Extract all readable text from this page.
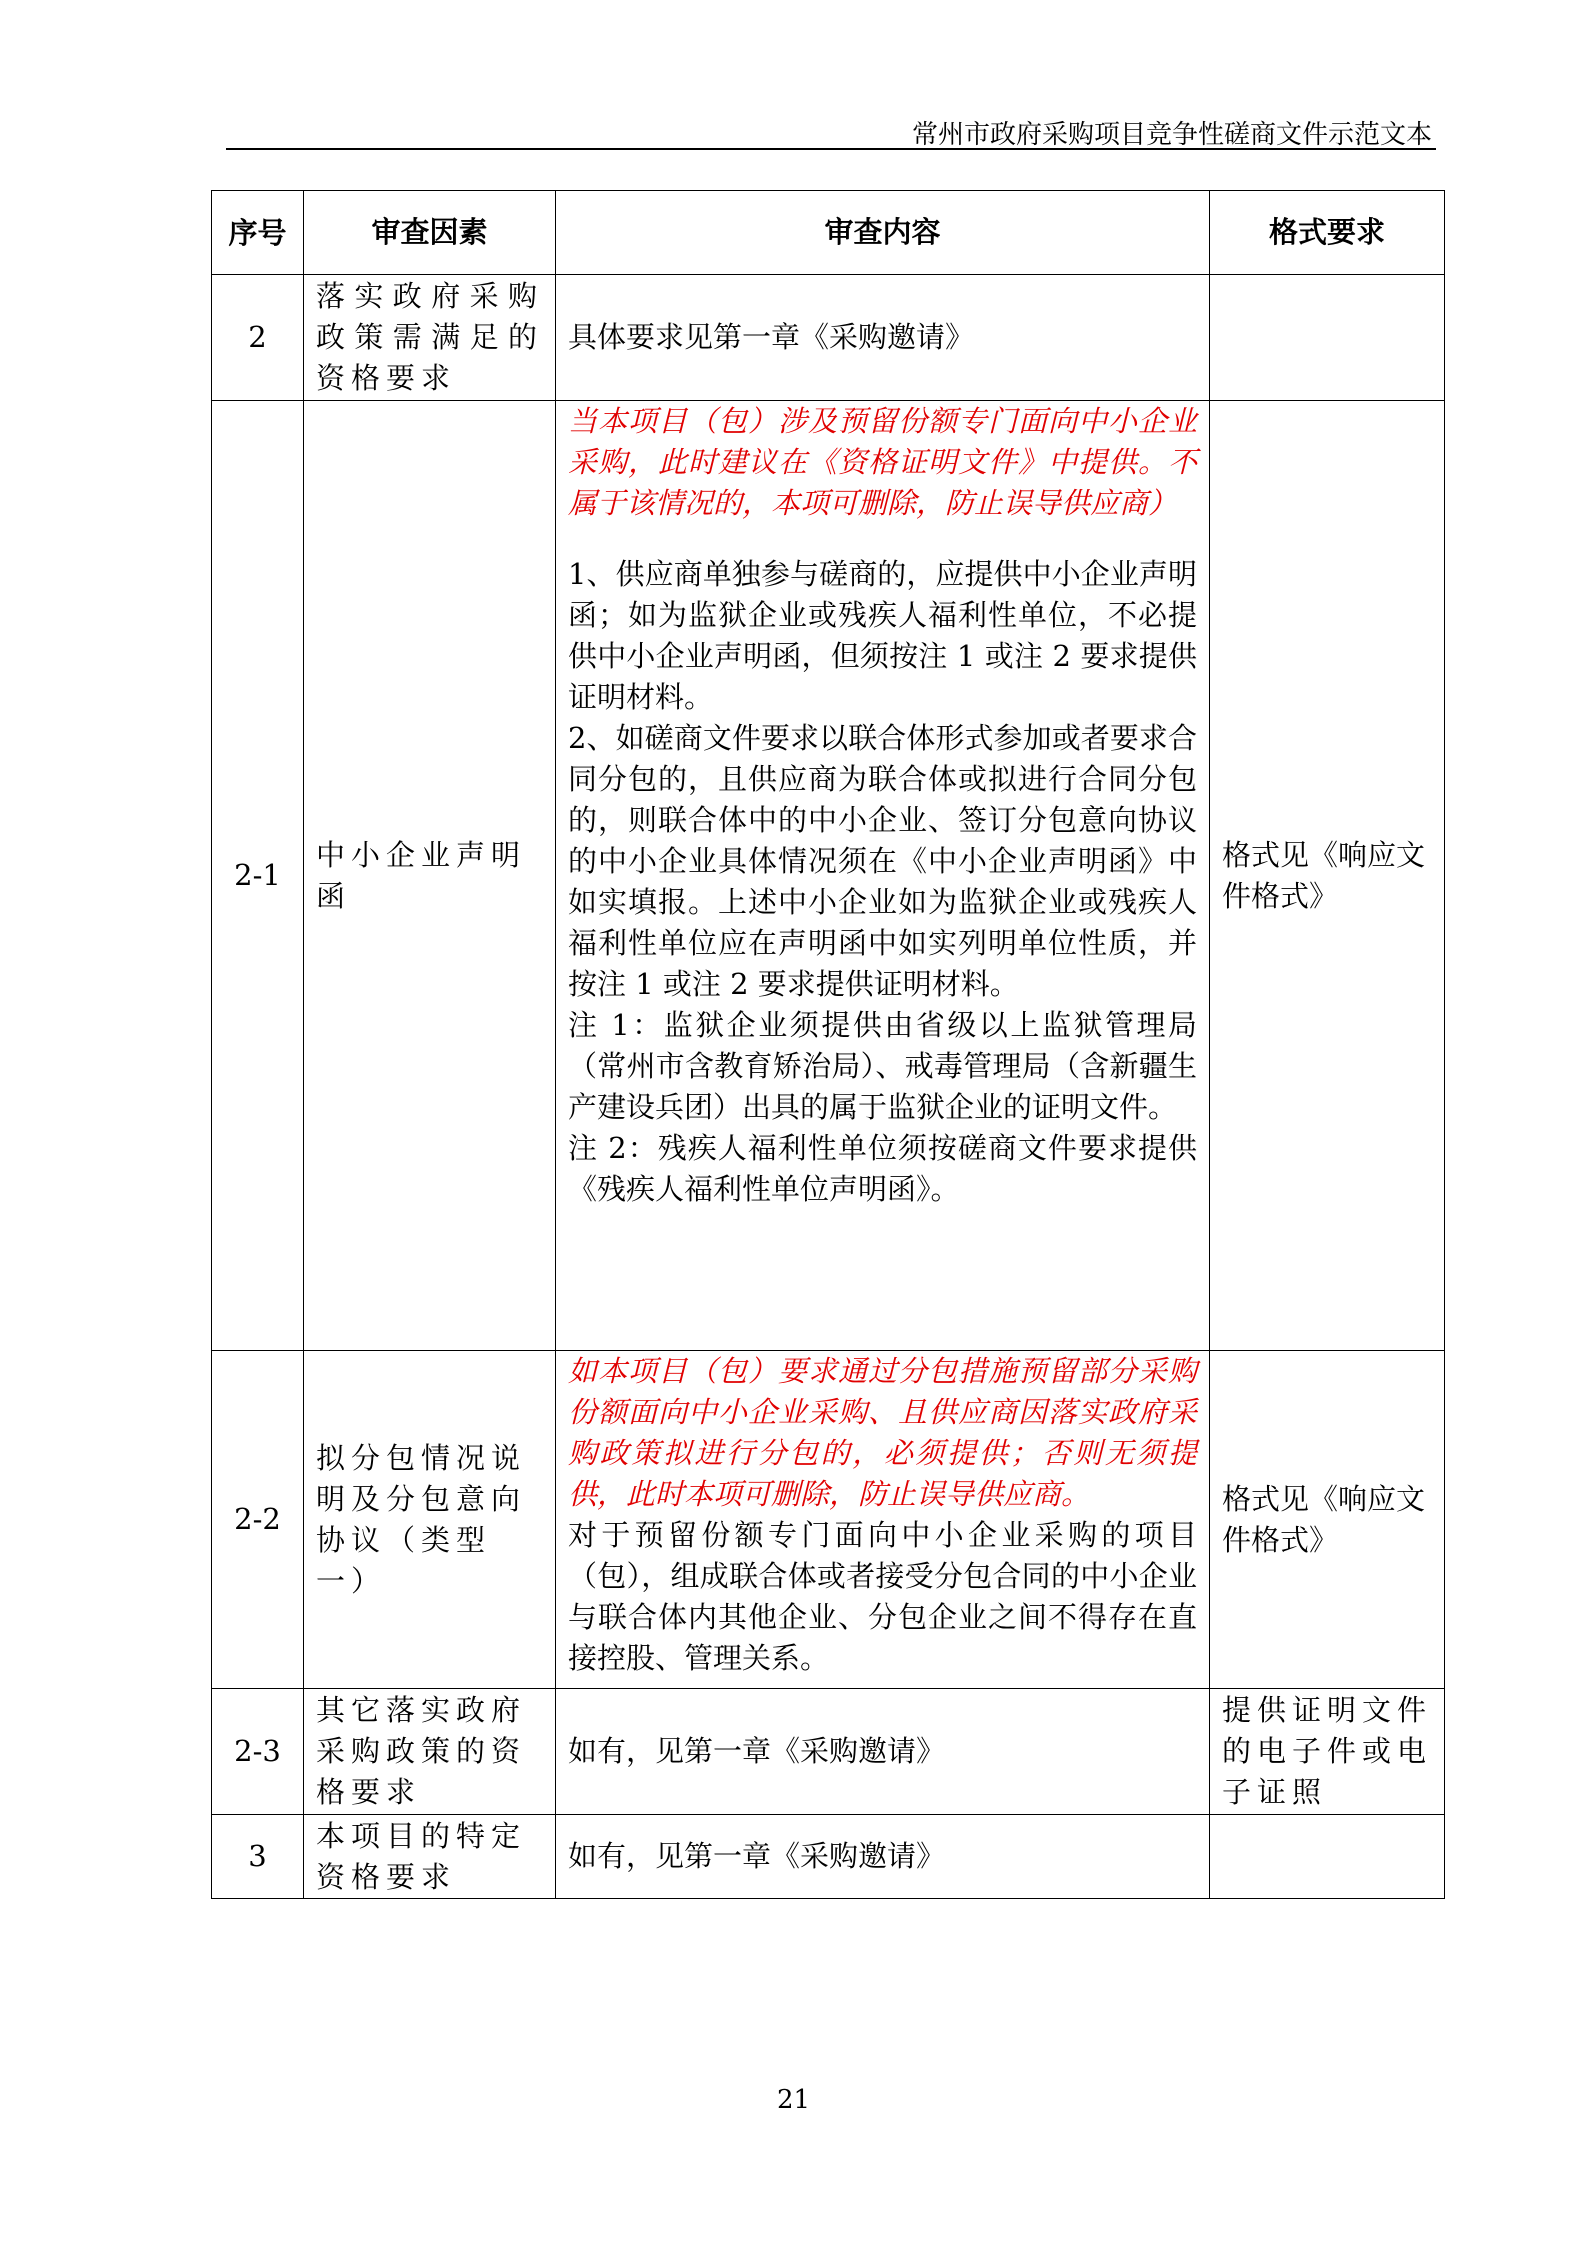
常州市政府采购项目竞争性磋商文件示范文本
序号	审查因素	审查内容	格式要求
2	落实政府采购政策需满足的资格要求	具体要求见第一章《采购邀请》	
2-1	中小企业声明函	当本项目（包）涉及预留份额专门面向中小企业采购，此时建议在《资格证明文件》中提供。不属于该情况的，本项可删除，防止误导供应商）
1、供应商单独参与磋商的，应提供中小企业声明函；如为监狱企业或残疾人福利性单位，不必提供中小企业声明函，但须按注 1 或注 2 要求提供证明材料。
2、如磋商文件要求以联合体形式参加或者要求合同分包的，且供应商为联合体或拟进行合同分包的，则联合体中的中小企业、签订分包意向协议的中小企业具体情况须在《中小企业声明函》中如实填报。上述中小企业如为监狱企业或残疾人福利性单位应在声明函中如实列明单位性质，并按注 1 或注 2 要求提供证明材料。
注 1：监狱企业须提供由省级以上监狱管理局（常州市含教育矫治局）、戒毒管理局（含新疆生产建设兵团）出具的属于监狱企业的证明文件。
注 2：残疾人福利性单位须按磋商文件要求提供《残疾人福利性单位声明函》。	格式见《响应文件格式》
2-2	拟分包情况说明及分包意向协议（类型一）	如本项目（包）要求通过分包措施预留部分采购份额面向中小企业采购、且供应商因落实政府采购政策拟进行分包的，必须提供；否则无须提供，此时本项可删除，防止误导供应商。
对于预留份额专门面向中小企业采购的项目（包），组成联合体或者接受分包合同的中小企业与联合体内其他企业、分包企业之间不得存在直接控股、管理关系。	格式见《响应文件格式》
2-3	其它落实政府采购政策的资格要求	如有，见第一章《采购邀请》	提供证明文件的电子件或电子证照
3	本项目的特定资格要求	如有，见第一章《采购邀请》	
21
